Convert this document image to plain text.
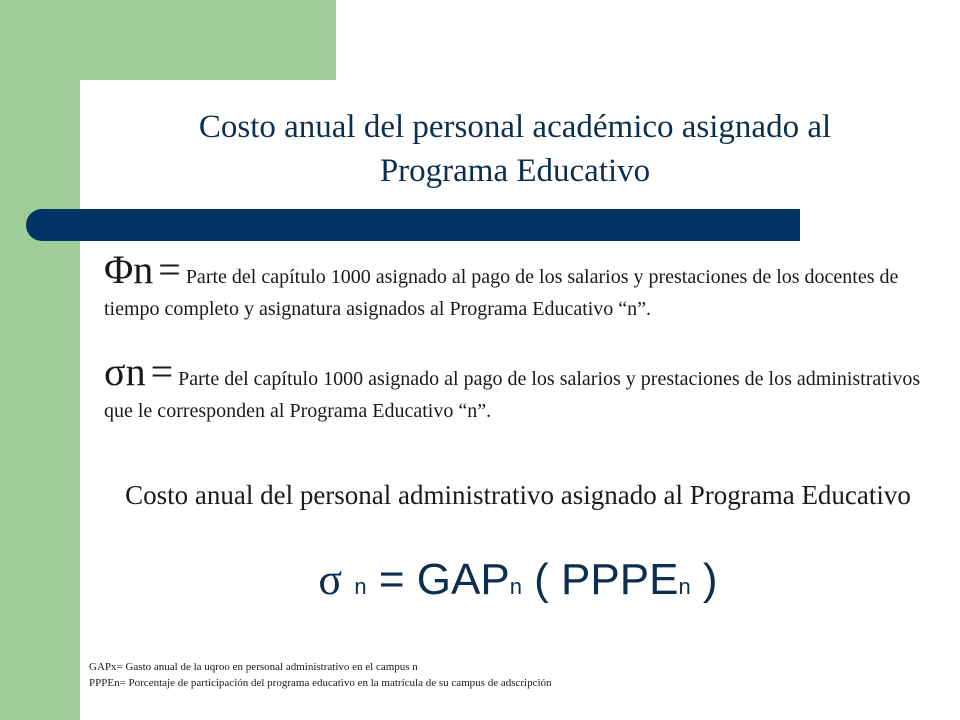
Costo anual del personal académico asignado al Programa Educativo
Φn = Parte del capítulo 1000 asignado al pago de los salarios y prestaciones de los docentes de tiempo completo y asignatura asignados al Programa Educativo “n”.
σn = Parte del capítulo 1000 asignado al pago de los salarios y prestaciones de los administrativos que le corresponden al Programa Educativo “n”.
Costo anual del personal administrativo asignado al Programa Educativo
σ n = GAPn ( PPPEn )
GAPx= Gasto anual de la uqroo en personal administrativo en el campus n
PPPEn= Porcentaje de participación del programa educativo en la matrícula de su campus de adscripción
